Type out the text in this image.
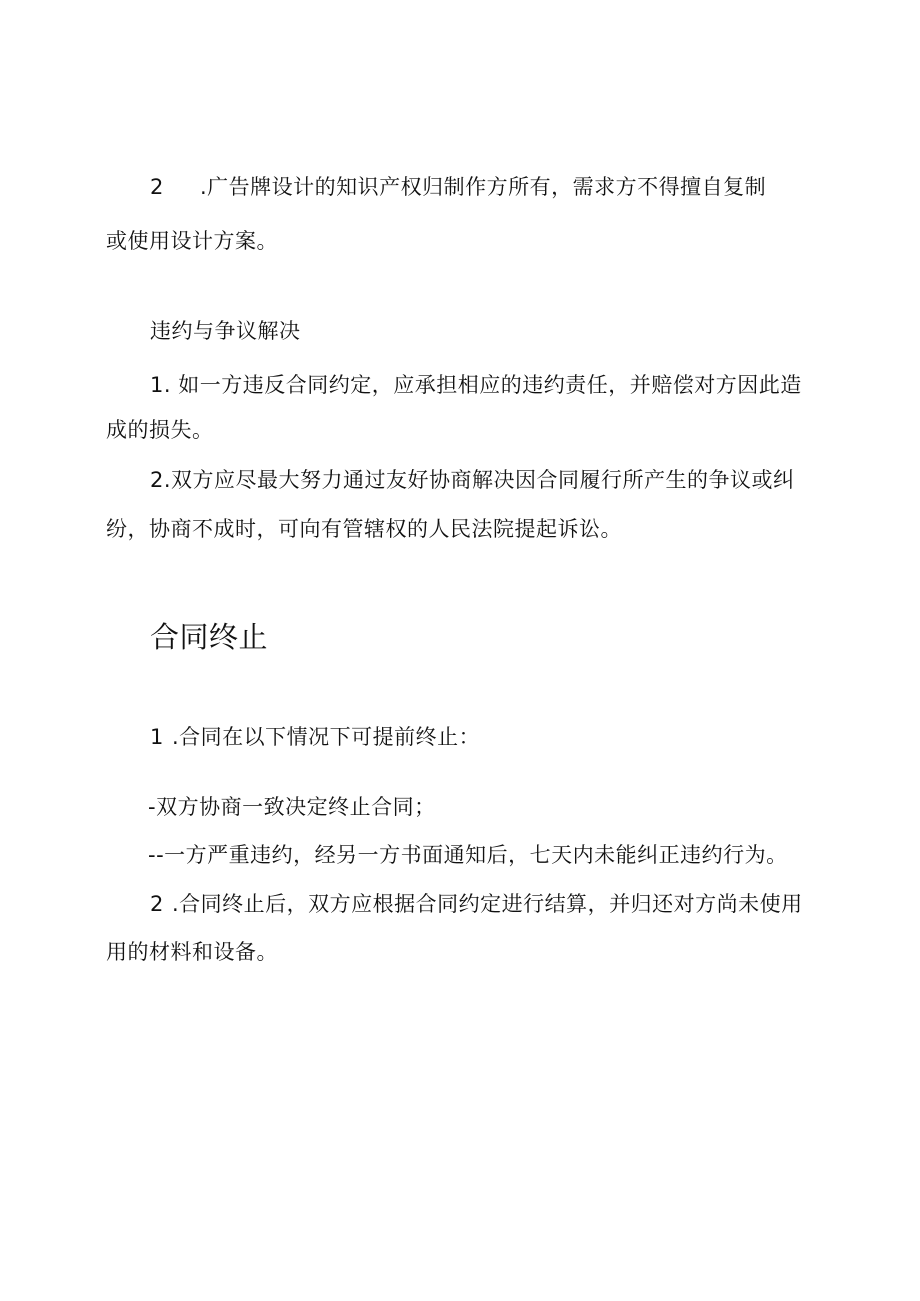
2 .广告牌设计的知识产权归制作方所有，需求方不得擅自复制
或使用设计方案。
违约与争议解决
1. 如一方违反合同约定，应承担相应的违约责任，并赔偿对方因此造
成的损失。
2.双方应尽最大努力通过友好协商解决因合同履行所产生的争议或纠
纷，协商不成时，可向有管辖权的人民法院提起诉讼。
合同终止
1 .合同在以下情况下可提前终止：
-双方协商一致决定终止合同；
--一方严重违约，经另一方书面通知后，七天内未能纠正违约行为。
2 .合同终止后，双方应根据合同约定进行结算，并归还对方尚未使用
用的材料和设备。
